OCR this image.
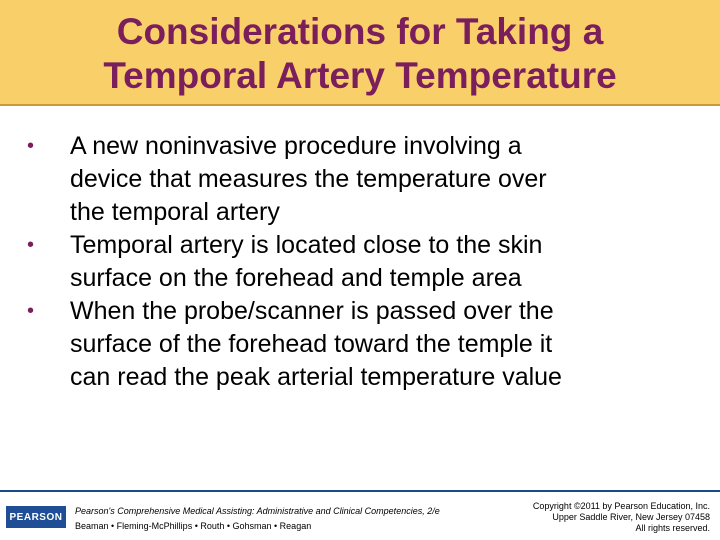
Considerations for Taking a
Temporal Artery Temperature
• A new noninvasive procedure involving a
device that measures the temperature over
the temporal artery
• Temporal artery is located close to the skin
surface on the forehead and temple area
• When the probe/scanner is passed over the
surface of the forehead toward the temple it
can read the peak arterial temperature value
PEARSON
Pearson's Comprehensive Medical Assisting: Administrative and Clinical Competencies, 2/e
Beaman • Fleming-McPhillips • Routh • Gohsman • Reagan
Copyright ©2011 by Pearson Education, Inc.
Upper Saddle River, New Jersey 07458
All rights reserved.
